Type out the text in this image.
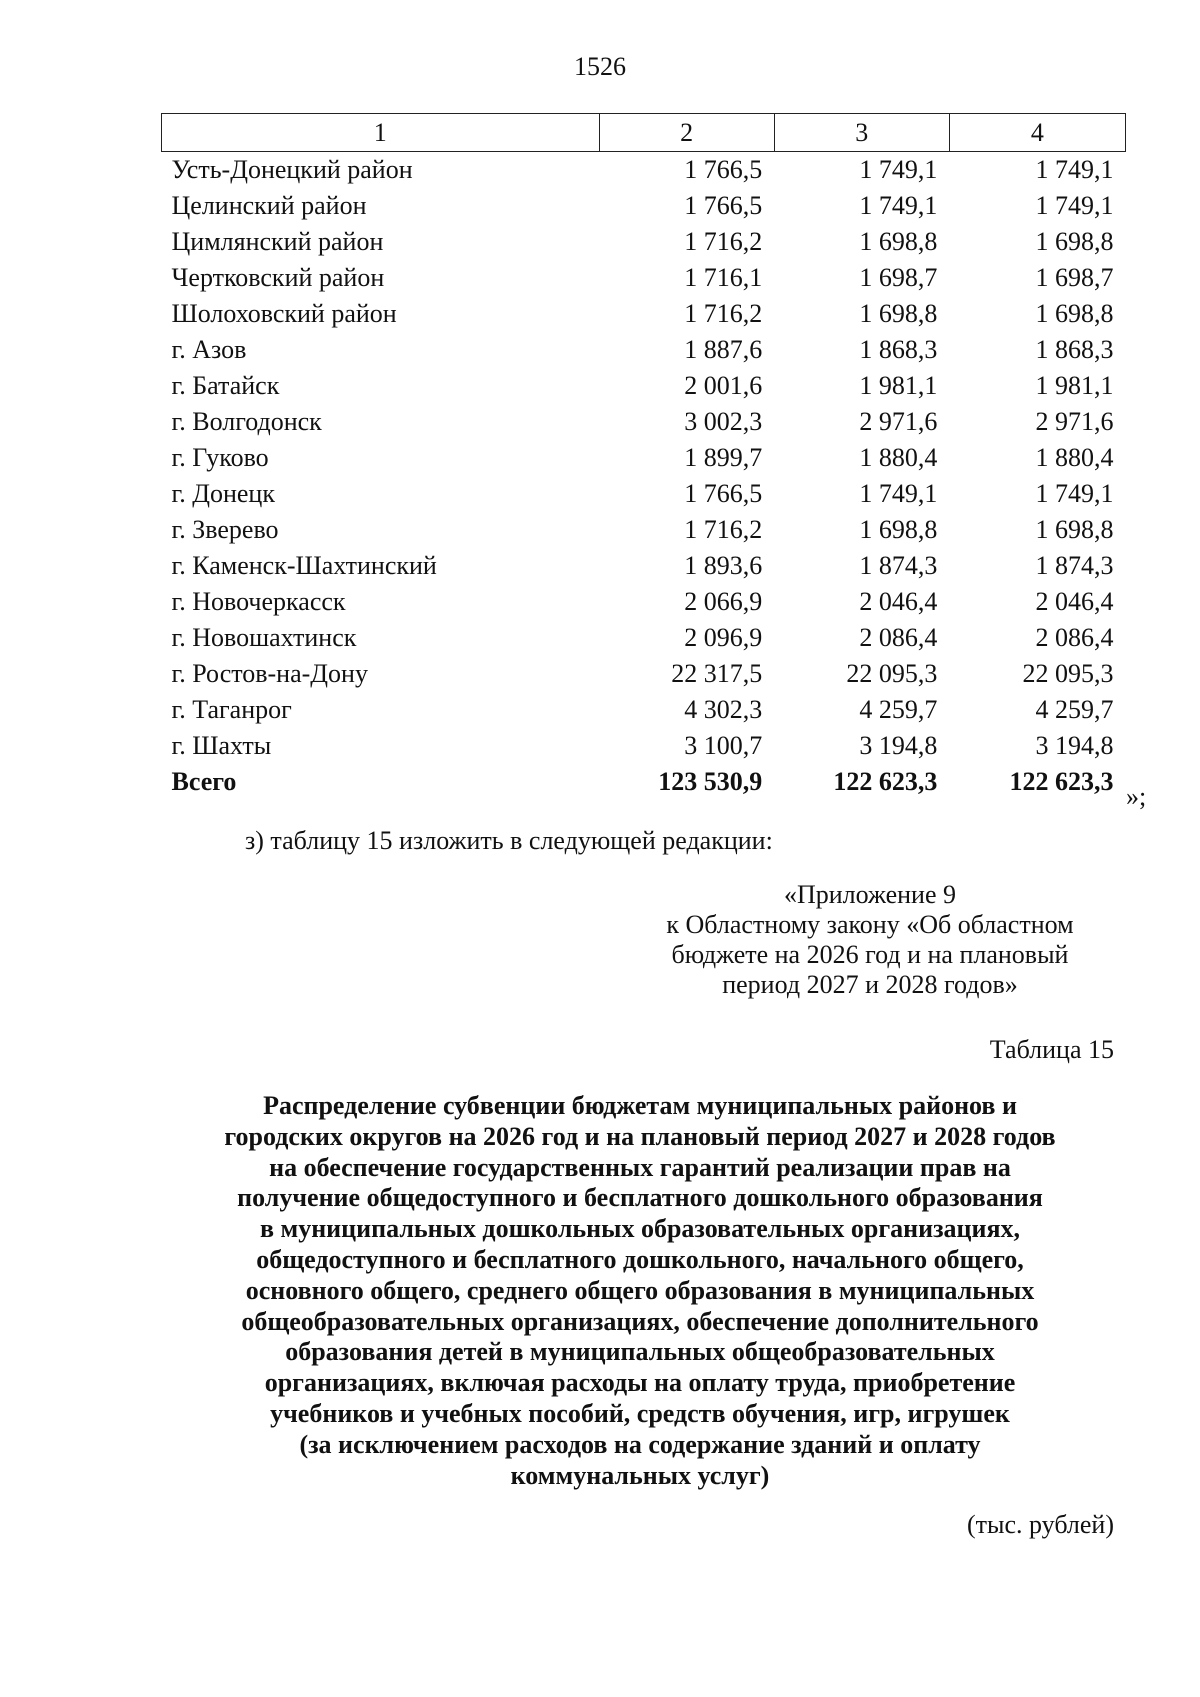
1526
1	2	3	4
Усть-Донецкий район	1 766,5	1 749,1	1 749,1
Целинский район	1 766,5	1 749,1	1 749,1
Цимлянский район	1 716,2	1 698,8	1 698,8
Чертковский район	1 716,1	1 698,7	1 698,7
Шолоховский район	1 716,2	1 698,8	1 698,8
г. Азов	1 887,6	1 868,3	1 868,3
г. Батайск	2 001,6	1 981,1	1 981,1
г. Волгодонск	3 002,3	2 971,6	2 971,6
г. Гуково	1 899,7	1 880,4	1 880,4
г. Донецк	1 766,5	1 749,1	1 749,1
г. Зверево	1 716,2	1 698,8	1 698,8
г. Каменск-Шахтинский	1 893,6	1 874,3	1 874,3
г. Новочеркасск	2 066,9	2 046,4	2 046,4
г. Новошахтинск	2 096,9	2 086,4	2 086,4
г. Ростов-на-Дону	22 317,5	22 095,3	22 095,3
г. Таганрог	4 302,3	4 259,7	4 259,7
г. Шахты	3 100,7	3 194,8	3 194,8
Всего	123 530,9	122 623,3	122 623,3
»;
з) таблицу 15 изложить в следующей редакции:
«Приложение 9
к Областному закону «Об областном
бюджете на 2026 год и на плановый
период 2027 и 2028 годов»
Таблица 15
Распределение субвенции бюджетам муниципальных районов и
городских округов на 2026 год и на плановый период 2027 и 2028 годов
на обеспечение государственных гарантий реализации прав на
получение общедоступного и бесплатного дошкольного образования
в муниципальных дошкольных образовательных организациях,
общедоступного и бесплатного дошкольного, начального общего,
основного общего, среднего общего образования в муниципальных
общеобразовательных организациях, обеспечение дополнительного
образования детей в муниципальных общеобразовательных
организациях, включая расходы на оплату труда, приобретение
учебников и учебных пособий, средств обучения, игр, игрушек
(за исключением расходов на содержание зданий и оплату
коммунальных услуг)
(тыс. рублей)
